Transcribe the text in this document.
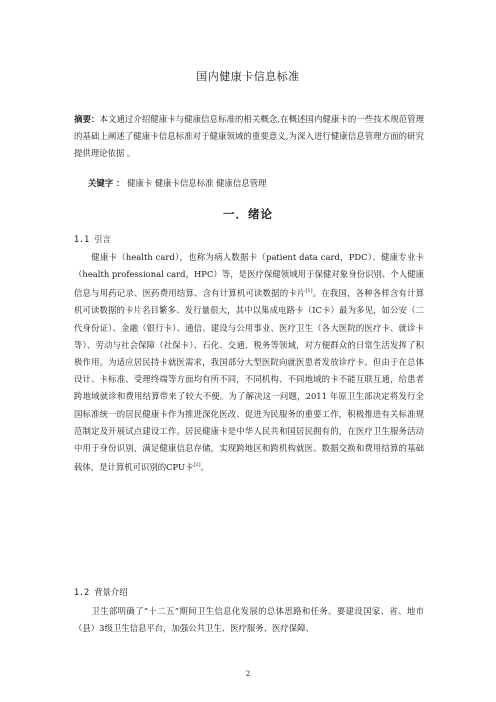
国内健康卡信息标准
摘要：本文通过介绍健康卡与健康信息标准的相关概念,在概述国内健康卡的一些技术规范管理的基础上阐述了健康卡信息标准对于健康领域的重要意义,为深入进行健康信息管理方面的研究提供理论依据 。
关键字 ： 健康卡 健康卡信息标准 健康信息管理
一．绪论
1.1 引言
健康卡（health card），也称为病人数据卡（patient data card，PDC）、健康专业卡（health professional card，HPC）等，是医疗保健领域用于保健对象身份识别、个人健康信息与用药记录、医药费用结算、含有计算机可读数据的卡片[1]。在我国，各种各样含有计算机可读数据的卡片名目繁多、发行量很大，其中以集成电路卡（IC卡）最为多见，如公安（二代身份证）、金融（银行卡）、通信、建设与公用事业、医疗卫生（各大医院的医疗卡、就诊卡等）、劳动与社会保障（社保卡）、石化、交通、税务等领域，对方便群众的日常生活发挥了积极作用。为适应居民持卡就医需求，我国部分大型医院向就医患者发放诊疗卡。但由于在总体设计、卡标准、受理终端等方面均有所不同，不同机构、不同地域的卡不能互联互通，给患者跨地域就诊和费用结算带来了较大不便。为了解决这一问题，2011 年原卫生部决定将发行全国标准统一的居民健康卡作为推进深化医改、促进为民服务的重要工作，积极推进有关标准规范制定及开展试点建设工作。居民健康卡是中华人民共和国居民拥有的，在医疗卫生服务活动中用于身份识别，满足健康信息存储，实现跨地区和跨机构就医、数据交换和费用结算的基础载体，是计算机可识别的CPU卡[2]。
1.2 背景介绍
卫生部明确了“十二五”期间卫生信息化发展的总体思路和任务。要建设国家、省、地市（县）3级卫生信息平台，加强公共卫生、医疗服务、医疗保障、
2
